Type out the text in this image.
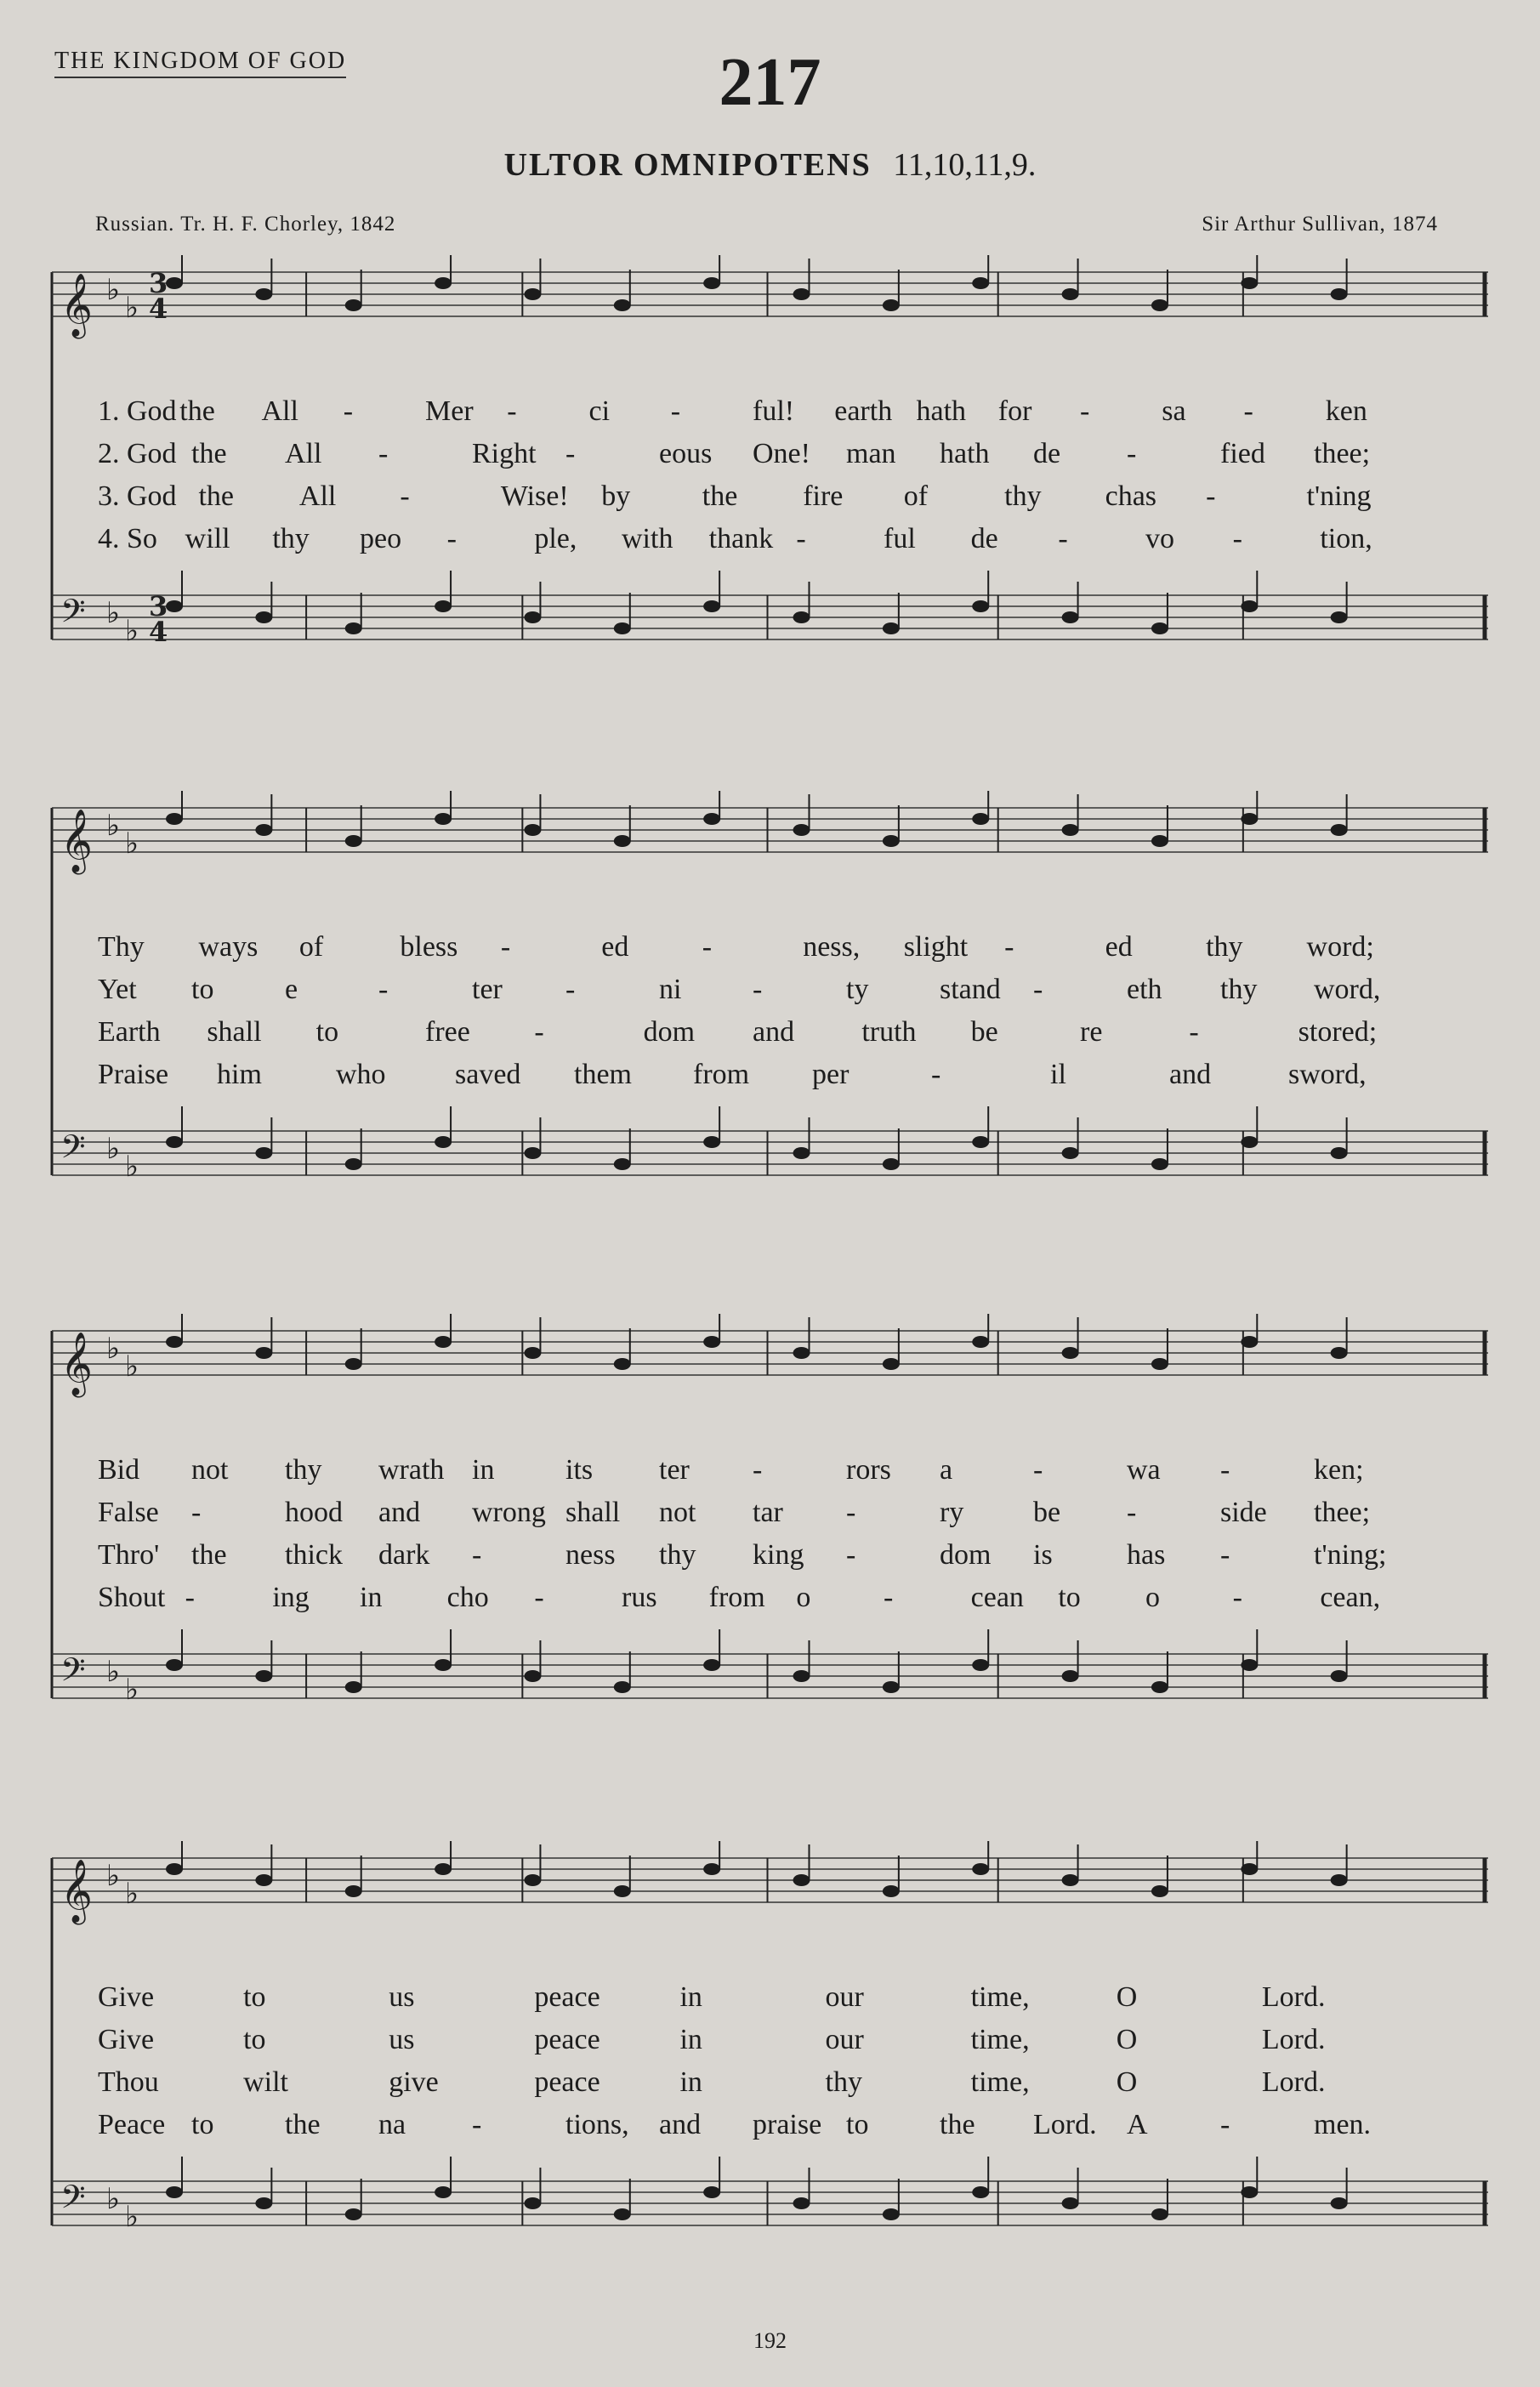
THE KINGDOM OF GOD	217
ULTOR OMNIPOTENS 11,10,11,9.
Russian. Tr. H. F. Chorley, 1842	Sir Arthur Sullivan, 1874
𝄞 ♭
♭
𝄢 ♭
♭
3
4
3
4
1. God the All - Mer - ci - ful! earth hath for - sa - ken
2. God the All -	Right -	eous One! man hath de -	fied thee;
3. God the All -	Wise! by the fire of	thy chas -	t'ning
4. So will thy peo -	ple, with thank -	ful de -	vo -	tion,
𝄞 ♭
♭
𝄢 ♭
♭
Thy ways of	bless -	ed	-	ness, slight -	ed	thy word;
Yet to e	-	ter -	ni -	ty stand -	eth thy word,
Earth shall to	free -	dom and truth be	re	-	stored;
Praise him	who saved them from per	-	il	and	sword,
𝄞 ♭
♭
𝄢 ♭
♭
Bid not thy wrath in its ter -	rors a	-	wa -	ken;
False -	hood and wrong shall not tar -	ry be -	side thee;
Thro' the thick dark -	ness thy king -	dom is	has -	t'ning;
Shout -	ing in cho -	rus from o	-	cean to o	-	cean,
𝄞 ♭
♭
𝄢 ♭
♭
Give	to	us	peace	in	our	time,	O	Lord.
Give	to	us	peace	in	our	time,	O	Lord.
Thou	wilt	give	peace	in	thy	time,	O	Lord.
Peace to the na -	tions, and praise to the Lord. A	-	men.
192
